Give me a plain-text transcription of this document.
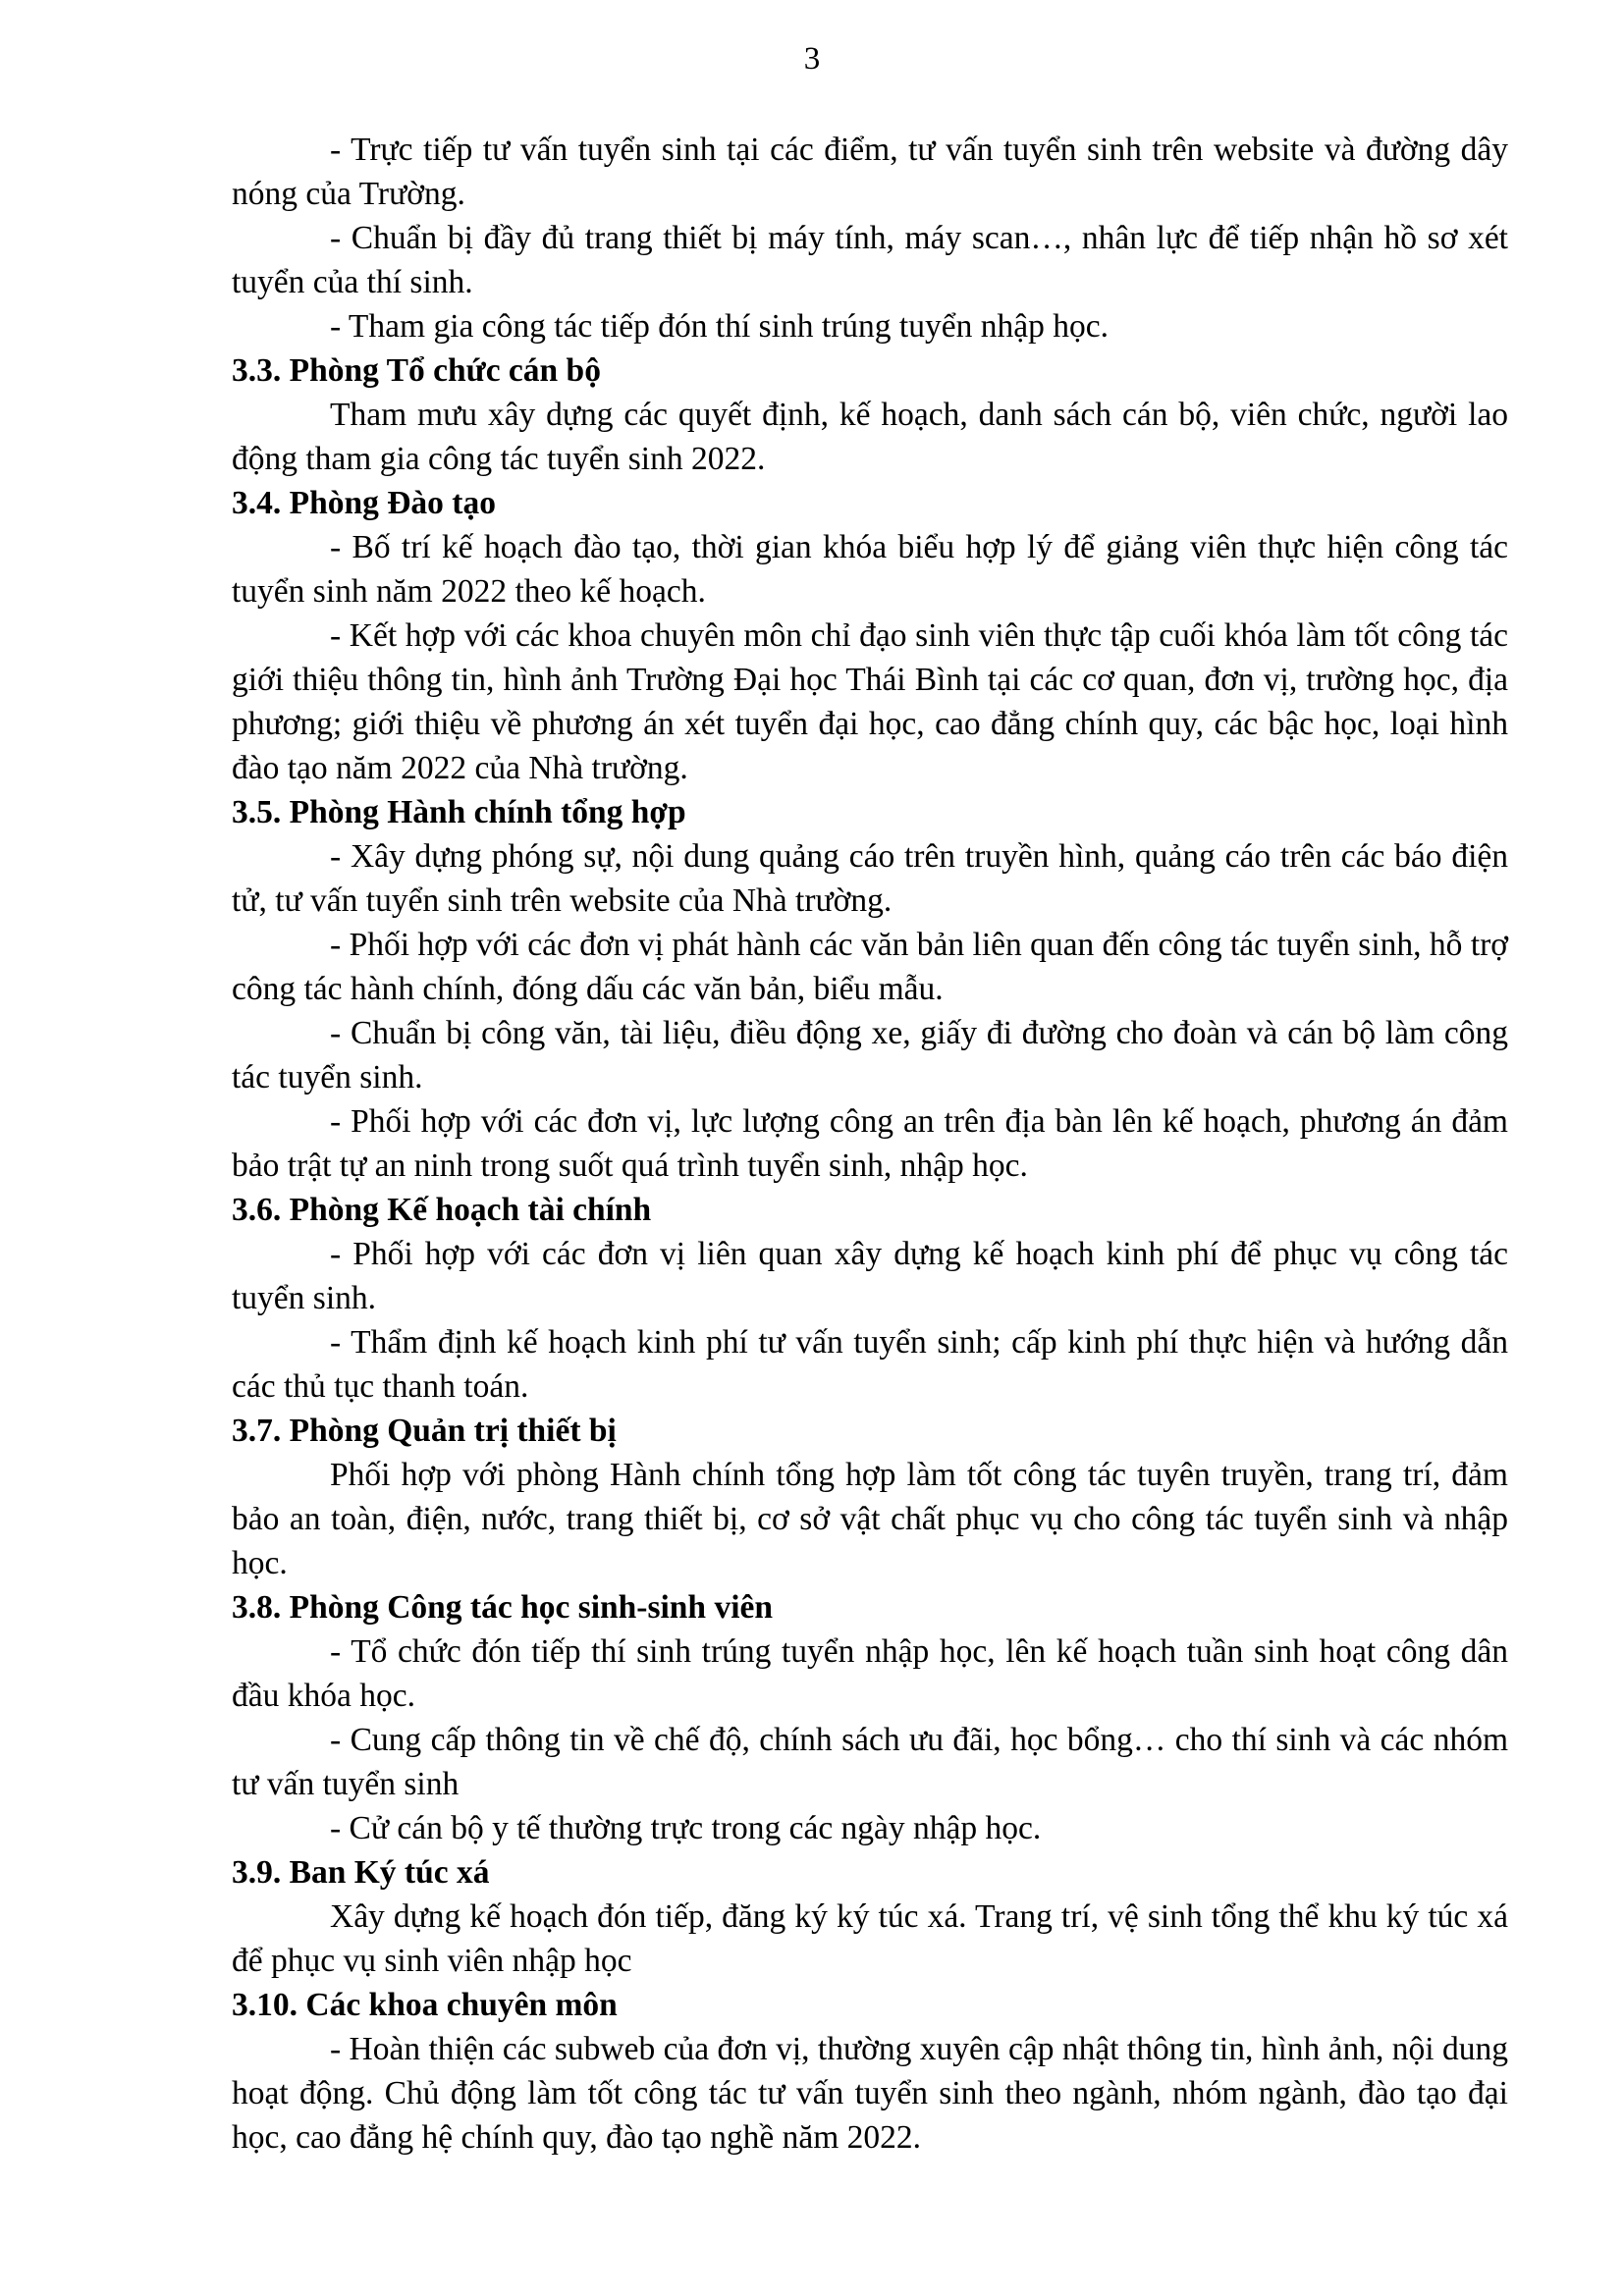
3

- Trực tiếp tư vấn tuyển sinh tại các điểm, tư vấn tuyển sinh trên website và đường dây nóng của Trường.

- Chuẩn bị đầy đủ trang thiết bị máy tính, máy scan…, nhân lực để tiếp nhận hồ sơ xét tuyển của thí sinh.

- Tham gia công tác tiếp đón thí sinh trúng tuyển nhập học.

3.3. Phòng Tổ chức cán bộ

Tham mưu xây dựng các quyết định, kế hoạch, danh sách cán bộ, viên chức, người lao động tham gia công tác tuyển sinh 2022.

3.4. Phòng Đào tạo

- Bố trí kế hoạch đào tạo, thời gian khóa biểu hợp lý để giảng viên thực hiện công tác tuyển sinh năm 2022 theo kế hoạch.

- Kết hợp với các khoa chuyên môn chỉ đạo sinh viên thực tập cuối khóa làm tốt công tác giới thiệu thông tin, hình ảnh Trường Đại học Thái Bình tại các cơ quan, đơn vị, trường học, địa phương; giới thiệu về phương án xét tuyển đại học, cao đẳng chính quy, các bậc học, loại hình đào tạo năm 2022 của Nhà trường.

3.5. Phòng Hành chính tổng hợp

- Xây dựng phóng sự, nội dung quảng cáo trên truyền hình, quảng cáo trên các báo điện tử, tư vấn tuyển sinh trên website của Nhà trường.

- Phối hợp với các đơn vị phát hành các văn bản liên quan đến công tác tuyển sinh, hỗ trợ công tác hành chính, đóng dấu các văn bản, biểu mẫu.

- Chuẩn bị công văn, tài liệu, điều động xe, giấy đi đường cho đoàn và cán bộ làm công tác tuyển sinh.

- Phối hợp với các đơn vị, lực lượng công an trên địa bàn lên kế hoạch, phương án đảm bảo trật tự an ninh trong suốt quá trình tuyển sinh, nhập học.

3.6. Phòng Kế hoạch tài chính

- Phối hợp với các đơn vị liên quan xây dựng kế hoạch kinh phí để phục vụ công tác tuyển sinh.

- Thẩm định kế hoạch kinh phí tư vấn tuyển sinh; cấp kinh phí thực hiện và hướng dẫn các thủ tục thanh toán.

3.7. Phòng Quản trị thiết bị

Phối hợp với phòng Hành chính tổng hợp làm tốt công tác tuyên truyền, trang trí, đảm bảo an toàn, điện, nước, trang thiết bị, cơ sở vật chất phục vụ cho công tác tuyển sinh và nhập học.

3.8. Phòng Công tác học sinh-sinh viên

- Tổ chức đón tiếp thí sinh trúng tuyển nhập học, lên kế hoạch tuần sinh hoạt công dân đầu khóa học.

- Cung cấp thông tin về chế độ, chính sách ưu đãi, học bổng… cho thí sinh và các nhóm tư vấn tuyển sinh

- Cử cán bộ y tế thường trực trong các ngày nhập học.

3.9. Ban Ký túc xá

Xây dựng kế hoạch đón tiếp, đăng ký ký túc xá. Trang trí, vệ sinh tổng thể khu ký túc xá để phục vụ sinh viên nhập học

3.10. Các khoa chuyên môn

- Hoàn thiện các subweb của đơn vị, thường xuyên cập nhật thông tin, hình ảnh, nội dung hoạt động. Chủ động làm tốt công tác tư vấn tuyển sinh theo ngành, nhóm ngành, đào tạo đại học, cao đẳng hệ chính quy, đào tạo nghề năm 2022.
